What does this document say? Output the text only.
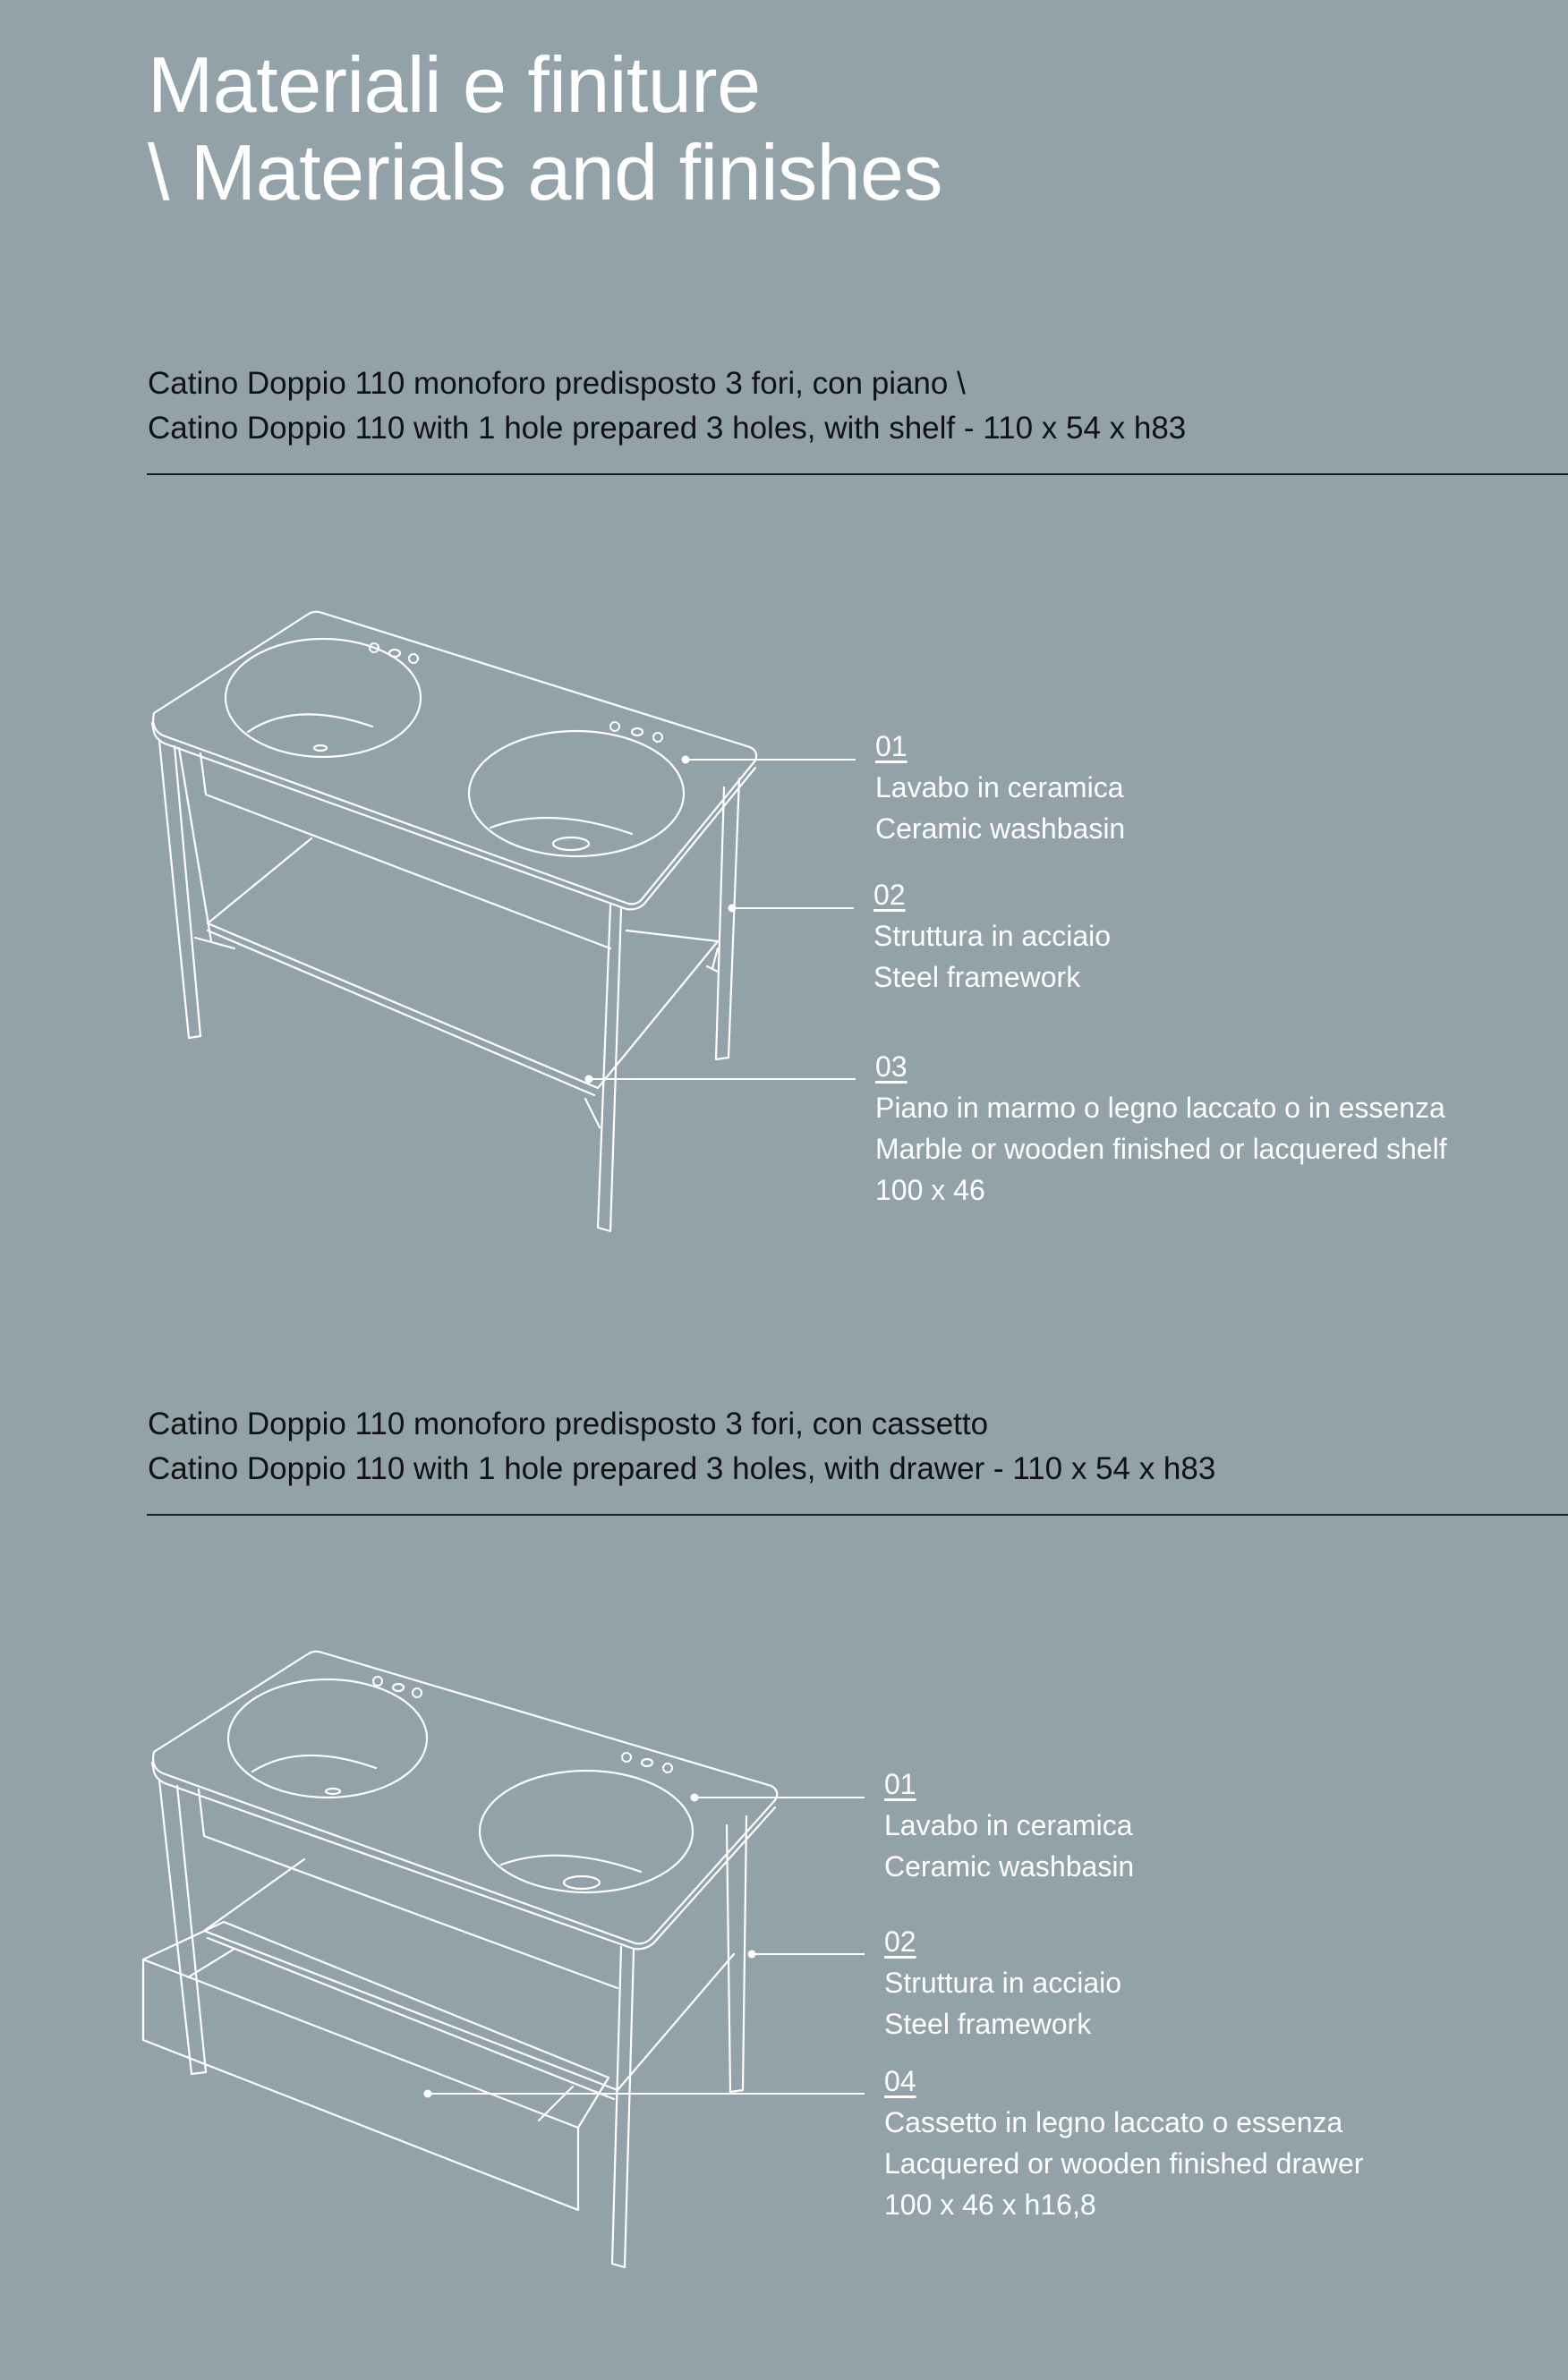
Materiali e finiture
\ Materials and finishes
Catino Doppio 110 monoforo predisposto 3 fori, con piano \
Catino Doppio 110 with 1 hole prepared 3 holes, with shelf - 110 x 54 x h83
01
Lavabo in ceramica
Ceramic washbasin
02
Struttura in acciaio
Steel framework
03
Piano in marmo o legno laccato o in essenza
Marble or wooden finished or lacquered shelf
100 x 46
Catino Doppio 110 monoforo predisposto 3 fori, con cassetto
Catino Doppio 110 with 1 hole prepared 3 holes, with drawer - 110 x 54 x h83
01
Lavabo in ceramica
Ceramic washbasin
02
Struttura in acciaio
Steel framework
04
Cassetto in legno laccato o essenza
Lacquered or wooden finished drawer
100 x 46 x h16,8
